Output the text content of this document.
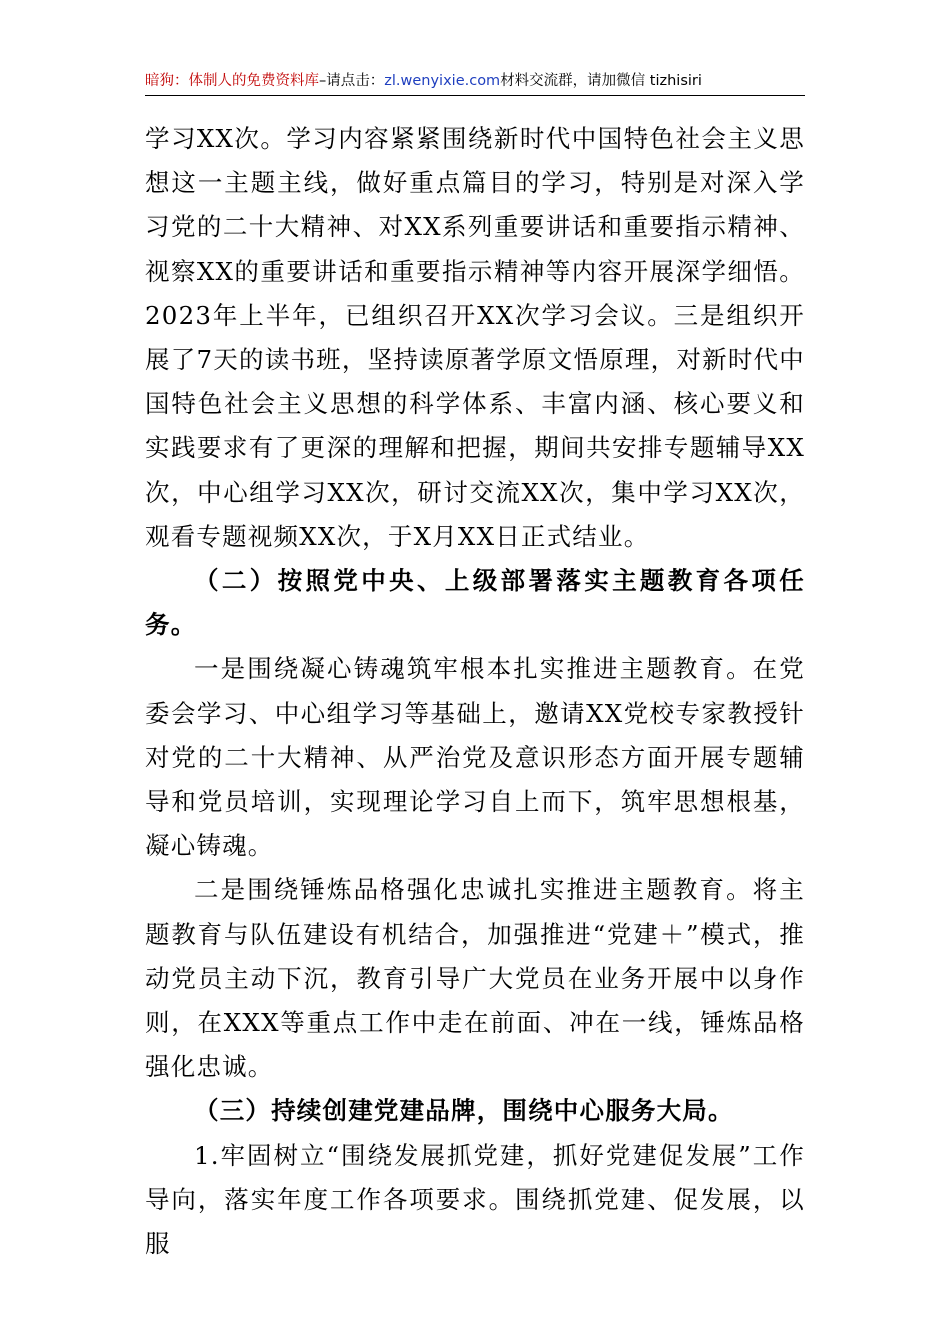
暗狗：体制人的免费资料库–请点击：zl.wenyixie.com材料交流群，请加微信 tizhisiri

学习XX次。学习内容紧紧围绕新时代中国特色社会主义思想这一主题主线，做好重点篇目的学习，特别是对深入学习党的二十大精神、对XX系列重要讲话和重要指示精神、视察XX的重要讲话和重要指示精神等内容开展深学细悟。2023年上半年，已组织召开XX次学习会议。三是组织开展了7天的读书班，坚持读原著学原文悟原理，对新时代中国特色社会主义思想的科学体系、丰富内涵、核心要义和实践要求有了更深的理解和把握，期间共安排专题辅导XX次，中心组学习XX次，研讨交流XX次，集中学习XX次，观看专题视频XX次，于X月XX日正式结业。

（二）按照党中央、上级部署落实主题教育各项任务。

一是围绕凝心铸魂筑牢根本扎实推进主题教育。在党委会学习、中心组学习等基础上，邀请XX党校专家教授针对党的二十大精神、从严治党及意识形态方面开展专题辅导和党员培训，实现理论学习自上而下，筑牢思想根基，凝心铸魂。

二是围绕锤炼品格强化忠诚扎实推进主题教育。将主题教育与队伍建设有机结合，加强推进“党建＋”模式，推动党员主动下沉，教育引导广大党员在业务开展中以身作则，在XXX等重点工作中走在前面、冲在一线，锤炼品格强化忠诚。

（三）持续创建党建品牌，围绕中心服务大局。

1.牢固树立“围绕发展抓党建，抓好党建促发展”工作导向，落实年度工作各项要求。围绕抓党建、促发展，以服
